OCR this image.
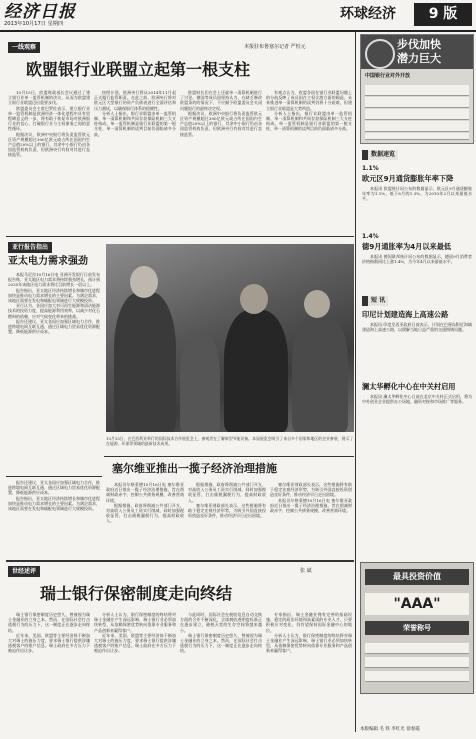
经济日报
2013年10月17日 星期四
环球经济	9 版
一线观察	本报驻布鲁塞尔记者 严恒元
欧盟银行业联盟立起第一根支柱

10月15日，欧盟财政部长会议通过了建立银行业单一监管机制的决议，从而为欧盟建立银行业联盟迈出重要步伐。

欧盟委员会主席巴罗佐表示，建立银行业单一监管机制是欧洲经济一体化进程中具有里程碑意义的一步，将有助于恢复市场对欧洲银行业的信心，打破银行业与主权债务之间的恶性循环。

根据决议，欧洲中央银行将负责监管欧元区资产规模超过300亿欧元或占所在国国内生产总值20%以上的银行，其余中小银行仍由各国监管机构负责，但欧洲央行有权对其进行直接监管。

按照计划，欧洲央行将从2014年11月起正式履行监管职责。在此之前，欧洲央行将对欧元区大型银行的资产负债表进行全面评估和压力测试，以确保银行体系的稳健性。

分析人士指出，银行业联盟由单一监管机制、单一清算机制和共同存款保险机制三大支柱构成。单一监管机制是银行业联盟的第一根支柱，单一清算机制的谈判目前仍面临诸多分歧。

欧盟财长们在会上还就单一清算机制进行了讨论。德国等成员国坚持认为，在缺乏修改欧盟条约的情况下，不应赋予欧盟委员会关闭问题银行的最终决定权。

根据决议，欧洲中央银行将负责监管欧元区资产规模超过300亿欧元或占所在国国内生产总值20%以上的银行，其余中小银行仍由各国监管机构负责，但欧洲央行有权对其进行直接监管。

有观点认为，欧盟各国在银行业联盟问题上的分歧反映了成员国在主权让渡方面的顾虑，未来推进单一清算机制的谈判仍将十分艰难，但建立银行业联盟是大势所趋。

分析人士指出，银行业联盟由单一监管机制、单一清算机制和共同存款保险机制三大支柱构成。单一监管机制是银行业联盟的第一根支柱，单一清算机制的谈判目前仍面临诸多分歧。

亚行报告指出
亚太电力需求强劲

本报马尼拉10月16日电 亚洲开发银行日前发布报告称，亚太地区电力需求将持续强劲增长，预计到2035年该地区电力需求将比目前增长一倍以上。

报告指出，亚太地区经济持续增长和城市化进程加快是推动电力需求增长的主要因素。为满足需求，该地区需要在发电和输配电领域进行大规模投资。

亚行认为，各国应加大对可再生能源和清洁能源技术的投资力度，提高能源利用效率，以减少对化石燃料的依赖，应对气候变化带来的挑战。

报告还建议，亚太各国应加强区域电力合作，推进跨境电网互联互通，通过区域电力贸易优化资源配置，降低能源供应成本。

报告还建议，亚太各国应加强区域电力合作，推进跨境电网互联互通，通过区域电力贸易优化资源配置，降低能源供应成本。

报告指出，亚太地区经济持续增长和城市化进程加快是推动电力需求增长的主要因素。为满足需求，该地区需要在发电和输配电领域进行大规模投资。

10月15日，在巴西利亚举行的国际技术合作展览会上，参观者在了解新型节能设备。本届展览会吸引了来自多个国家和地区的企业参展，展示了在能源、环保等领域的最新技术成果。
塞尔维亚推出一揽子经济治理措施

本报贝尔格莱德10月16日电 塞尔维亚政府近日推出一揽子经济治理措施，旨在削减财政赤字、控制公共债务规模、改善营商环境。

根据措施，政府将削减公共部门开支，对高收入公务员工资实行削减，同时加强税收征管，打击偷税漏税行为，提高财政收入。

根据措施，政府将削减公共部门开支，对高收入公务员工资实行削减，同时加强税收征管，打击偷税漏税行为，提高财政收入。

塞尔维亚财政部长表示，这些措施将有助于稳定宏观经济形势，为吸引外国直接投资创造良好条件，推动经济早日走出困境。

塞尔维亚财政部长表示，这些措施将有助于稳定宏观经济形势，为吸引外国直接投资创造良好条件，推动经济早日走出困境。

本报贝尔格莱德10月16日电 塞尔维亚政府近日推出一揽子经济治理措施，旨在削减财政赤字、控制公共债务规模、改善营商环境。

世经述评	张 斌
瑞士银行保密制度走向终结

瑞士银行保密制度历史悠久，曾被视为瑞士金融业的立身之本。然而，在国际社会打击逃税行为的压力下，这一制度正在逐步走向终结。

近年来，美国、欧盟等主要经济体不断加大对瑞士的施压力度，要求瑞士银行提供涉嫌逃税客户的账户信息。瑞士政府在多方压力下被迫作出让步。

分析人士认为，银行保密制度的终结将对瑞士金融业产生深远影响，瑞士银行业必须加快转型，从依赖保密优势转向依靠专业服务和产品创新来赢得客户。

近年来，美国、欧盟等主要经济体不断加大对瑞士的施压力度，要求瑞士银行提供涉嫌逃税客户的账户信息。瑞士政府在多方压力下被迫作出让步。

与此同时，国际社会在税收信息自动交换方面的合作不断深化，全球税收透明度标准正在逐步建立，避税天堂的生存空间将越来越小。

瑞士银行保密制度历史悠久，曾被视为瑞士金融业的立身之本。然而，在国际社会打击逃税行为的压力下，这一制度正在逐步走向终结。

专家指出，瑞士金融业拥有完善的基础设施、稳定的政治环境和高素质的专业人才，只要积极应对变化，仍有望保持国际金融中心的地位。

分析人士认为，银行保密制度的终结将对瑞士金融业产生深远影响，瑞士银行业必须加快转型，从依赖保密优势转向依靠专业服务和产品创新来赢得客户。

步伐加快
潜力巨大
中国银行业对外开放
数据速览
1.1%
欧元区9月通货膨胀年率下降

本报讯 欧盟统计局公布的数据显示，欧元区9月通货膨胀年率为1.1%，低于8月的1.3%，为2010年2月以来最低水平。

1.4%
德9月通胀率为4月以来最低

本报讯 德国联邦统计局公布的数据显示，德国9月消费者价格指数同比上涨1.4%，为今年4月以来最低水平。

短 讯
印尼计划建造海上高速公路

本报讯 印度尼西亚政府日前表示，计划在巴厘岛附近海域建造海上高速公路，以缓解当地日益严重的交通拥堵问题。

澜太华孵化中心在中关村启用

本报讯 澜太华孵化中心日前在北京中关村正式启用，将为中外创业企业提供办公场地、融资对接和市场推广等服务。

最具投资价值
"AAA"
荣誉称号
本版编辑 毛 铁 李红光 徐春霞
